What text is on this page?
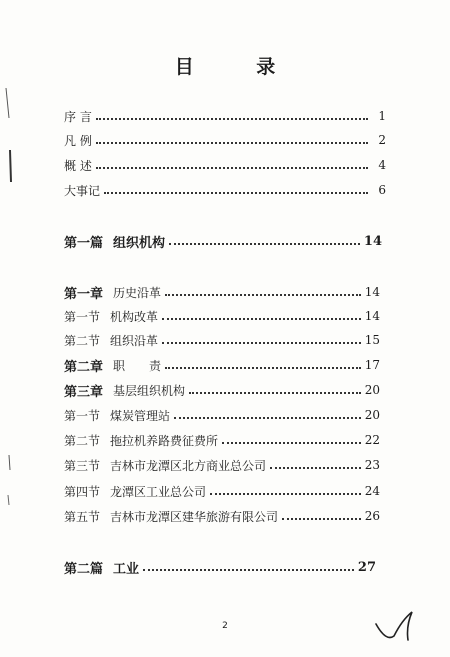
目 录
序 言	1
凡 例	2
概 述	4
大事记	6
第一篇 组织机构	14
第一章 历史沿革	14
第一节 机构改革	14
第二节 组织沿革	15
第二章 职　　责	17
第三章 基层组织机构	20
第一节 煤炭管理站	20
第二节 拖拉机养路费征费所	22
第三节 吉林市龙潭区北方商业总公司	23
第四节 龙潭区工业总公司	24
第五节 吉林市龙潭区建华旅游有限公司	26
第二篇 工业	27
2
